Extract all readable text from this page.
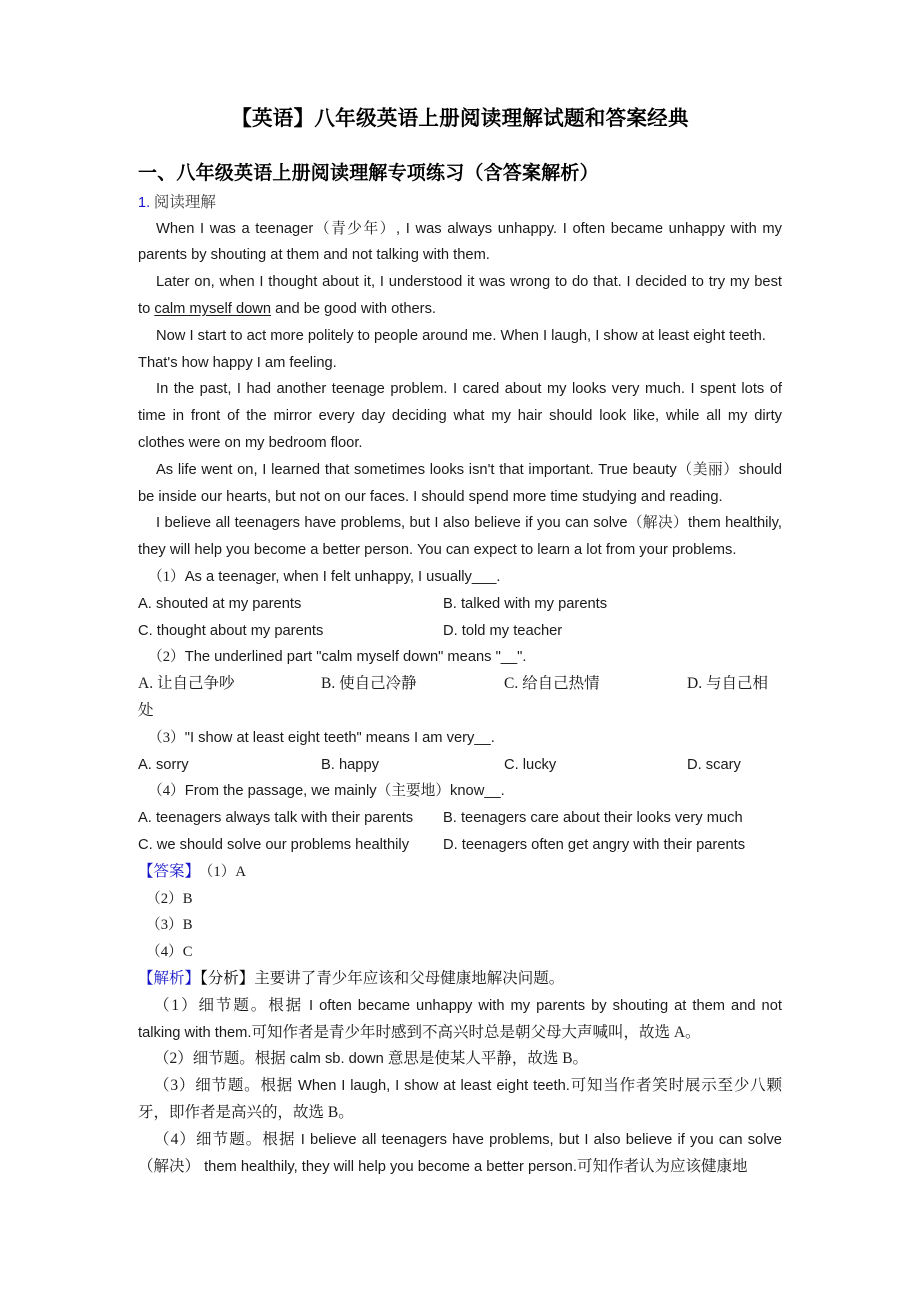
【英语】八年级英语上册阅读理解试题和答案经典
一、八年级英语上册阅读理解专项练习（含答案解析）
1. 阅读理解

When I was a teenager（青少年）, I was always unhappy. I often became unhappy with my parents by shouting at them and not talking with them.

Later on, when I thought about it, I understood it was wrong to do that. I decided to try my best to calm myself down and be good with others.

Now I start to act more politely to people around me. When I laugh, I show at least eight teeth. That's how happy I am feeling.

In the past, I had another teenage problem. I cared about my looks very much. I spent lots of time in front of the mirror every day deciding what my hair should look like, while all my dirty clothes were on my bedroom floor.

As life went on, I learned that sometimes looks isn't that important. True beauty（美丽）should be inside our hearts, but not on our faces. I should spend more time studying and reading.

I believe all teenagers have problems, but I also believe if you can solve（解决）them healthily, they will help you become a better person. You can expect to learn a lot from your problems.

（1）As a teenager, when I felt unhappy, I usually___.

A. shouted at my parents	B. talked with my parents
C. thought about my parents	D. told my teacher

（2）The underlined part "calm myself down" means "__".

A. 让自己争吵	B. 使自己冷静	C. 给自己热情	D. 与自己相

处

（3）"I show at least eight teeth" means I am very__.

A. sorry	B. happy	C. lucky	D. scary

（4）From the passage, we mainly（主要地）know__.

A. teenagers always talk with their parents	B. teenagers care about their looks very much
C. we should solve our problems healthily	D. teenagers often get angry with their parents

【答案】 （1）A

（2）B

（3）B

（4）C

【解析】【分析】主要讲了青少年应该和父母健康地解决问题。

（1）细节题。根据 I often became unhappy with my parents by shouting at them and not talking with them.可知作者是青少年时感到不高兴时总是朝父母大声喊叫，故选 A。

（2）细节题。根据 calm sb. down 意思是使某人平静，故选 B。

（3）细节题。根据 When I laugh, I show at least eight teeth.可知当作者笑时展示至少八颗牙，即作者是高兴的，故选 B。

（4）细节题。根据 I believe all teenagers have problems, but I also believe if you can solve（解决） them healthily, they will help you become a better person.可知作者认为应该健康地
